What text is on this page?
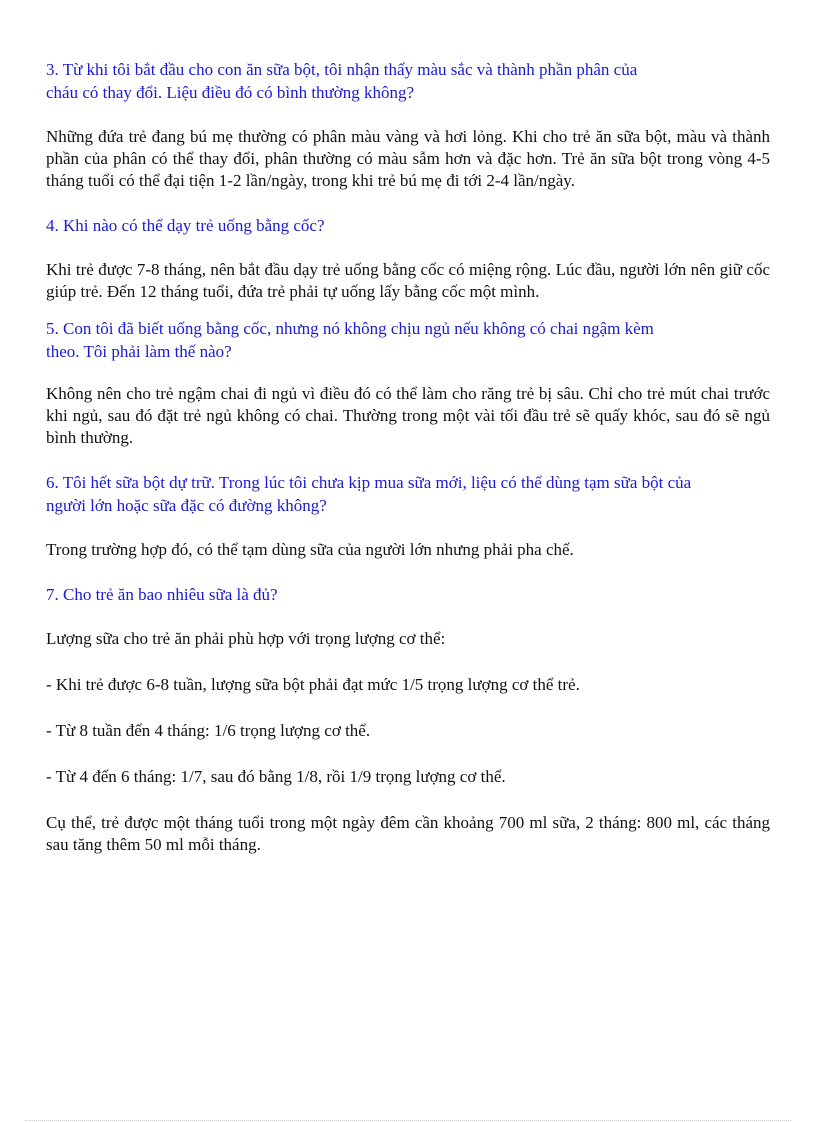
3. Từ khi tôi bắt đầu cho con ăn sữa bột, tôi nhận thấy màu sắc và thành phần phân của

cháu có thay đổi. Liệu điều đó có bình thường không?

Những đứa trẻ đang bú mẹ thường có phân màu vàng và hơi lỏng. Khi cho trẻ ăn sữa bột, màu và thành phần của phân có thể thay đổi, phân thường có màu sẫm hơn và đặc hơn. Trẻ ăn sữa bột trong vòng 4-5 tháng tuổi có thể đại tiện 1-2 lần/ngày, trong khi trẻ bú mẹ đi tới 2-4 lần/ngày.

4. Khi nào có thể dạy trẻ uống bằng cốc?

Khi trẻ được 7-8 tháng, nên bắt đầu dạy trẻ uống bằng cốc có miệng rộng. Lúc đầu, người lớn nên giữ cốc giúp trẻ. Đến 12 tháng tuổi, đứa trẻ phải tự uống lấy bằng cốc một mình.

5. Con tôi đã biết uống bằng cốc, nhưng nó không chịu ngủ nếu không có chai ngậm kèm

theo. Tôi phải làm thế nào?

Không nên cho trẻ ngậm chai đi ngủ vì điều đó có thể làm cho răng trẻ bị sâu. Chỉ cho trẻ mút chai trước khi ngủ, sau đó đặt trẻ ngủ không có chai. Thường trong một vài tối đầu trẻ sẽ quấy khóc, sau đó sẽ ngủ bình thường.

6. Tôi hết sữa bột dự trữ. Trong lúc tôi chưa kịp mua sữa mới, liệu có thể dùng tạm sữa bột của

người lớn hoặc sữa đặc có đường không?

Trong trường hợp đó, có thể tạm dùng sữa của người lớn nhưng phải pha chế.

7. Cho trẻ ăn bao nhiêu sữa là đủ?

Lượng sữa cho trẻ ăn phải phù hợp với trọng lượng cơ thể:

- Khi trẻ được 6-8 tuần, lượng sữa bột phải đạt mức 1/5 trọng lượng cơ thể trẻ.

- Từ 8 tuần đến 4 tháng: 1/6 trọng lượng cơ thể.

- Từ 4 đến 6 tháng: 1/7, sau đó bằng 1/8, rồi 1/9 trọng lượng cơ thể.

Cụ thể, trẻ được một tháng tuổi trong một ngày đêm cần khoảng 700 ml sữa, 2 tháng: 800 ml, các tháng sau tăng thêm 50 ml mỗi tháng.
